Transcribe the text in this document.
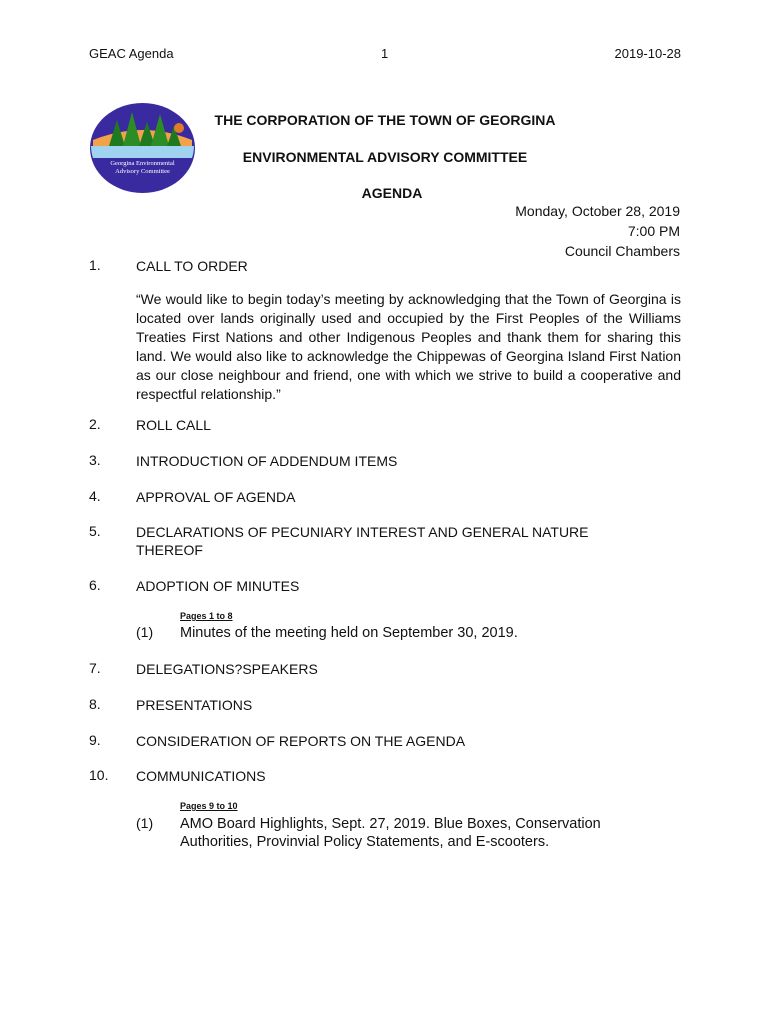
GEAC Agenda	1	2019-10-28
Georgina Environmental
Advisory Committee
THE CORPORATION OF THE TOWN OF GEORGINA
ENVIRONMENTAL ADVISORY COMMITTEE
AGENDA
Monday, October 28, 2019
7:00 PM
Council Chambers
1.	CALL TO ORDER
“We would like to begin today’s meeting by acknowledging that the Town of Georgina is located over lands originally used and occupied by the First Peoples of the Williams Treaties First Nations and other Indigenous Peoples and thank them for sharing this land. We would also like to acknowledge the Chippewas of Georgina Island First Nation as our close neighbour and friend, one with which we strive to build a cooperative and respectful relationship.”
2.	ROLL CALL
3.	INTRODUCTION OF ADDENDUM ITEMS
4.	APPROVAL OF AGENDA
5.	DECLARATIONS OF PECUNIARY INTEREST AND GENERAL NATURE THEREOF
6.	ADOPTION OF MINUTES
Pages 1 to 8
(1) Minutes of the meeting held on September 30, 2019.
7.	DELEGATIONS?SPEAKERS
8.	PRESENTATIONS
9.	CONSIDERATION OF REPORTS ON THE AGENDA
10. COMMUNICATIONS
Pages 9 to 10
(1) AMO Board Highlights, Sept. 27, 2019. Blue Boxes, Conservation Authorities, Provinvial Policy Statements, and E-scooters.
